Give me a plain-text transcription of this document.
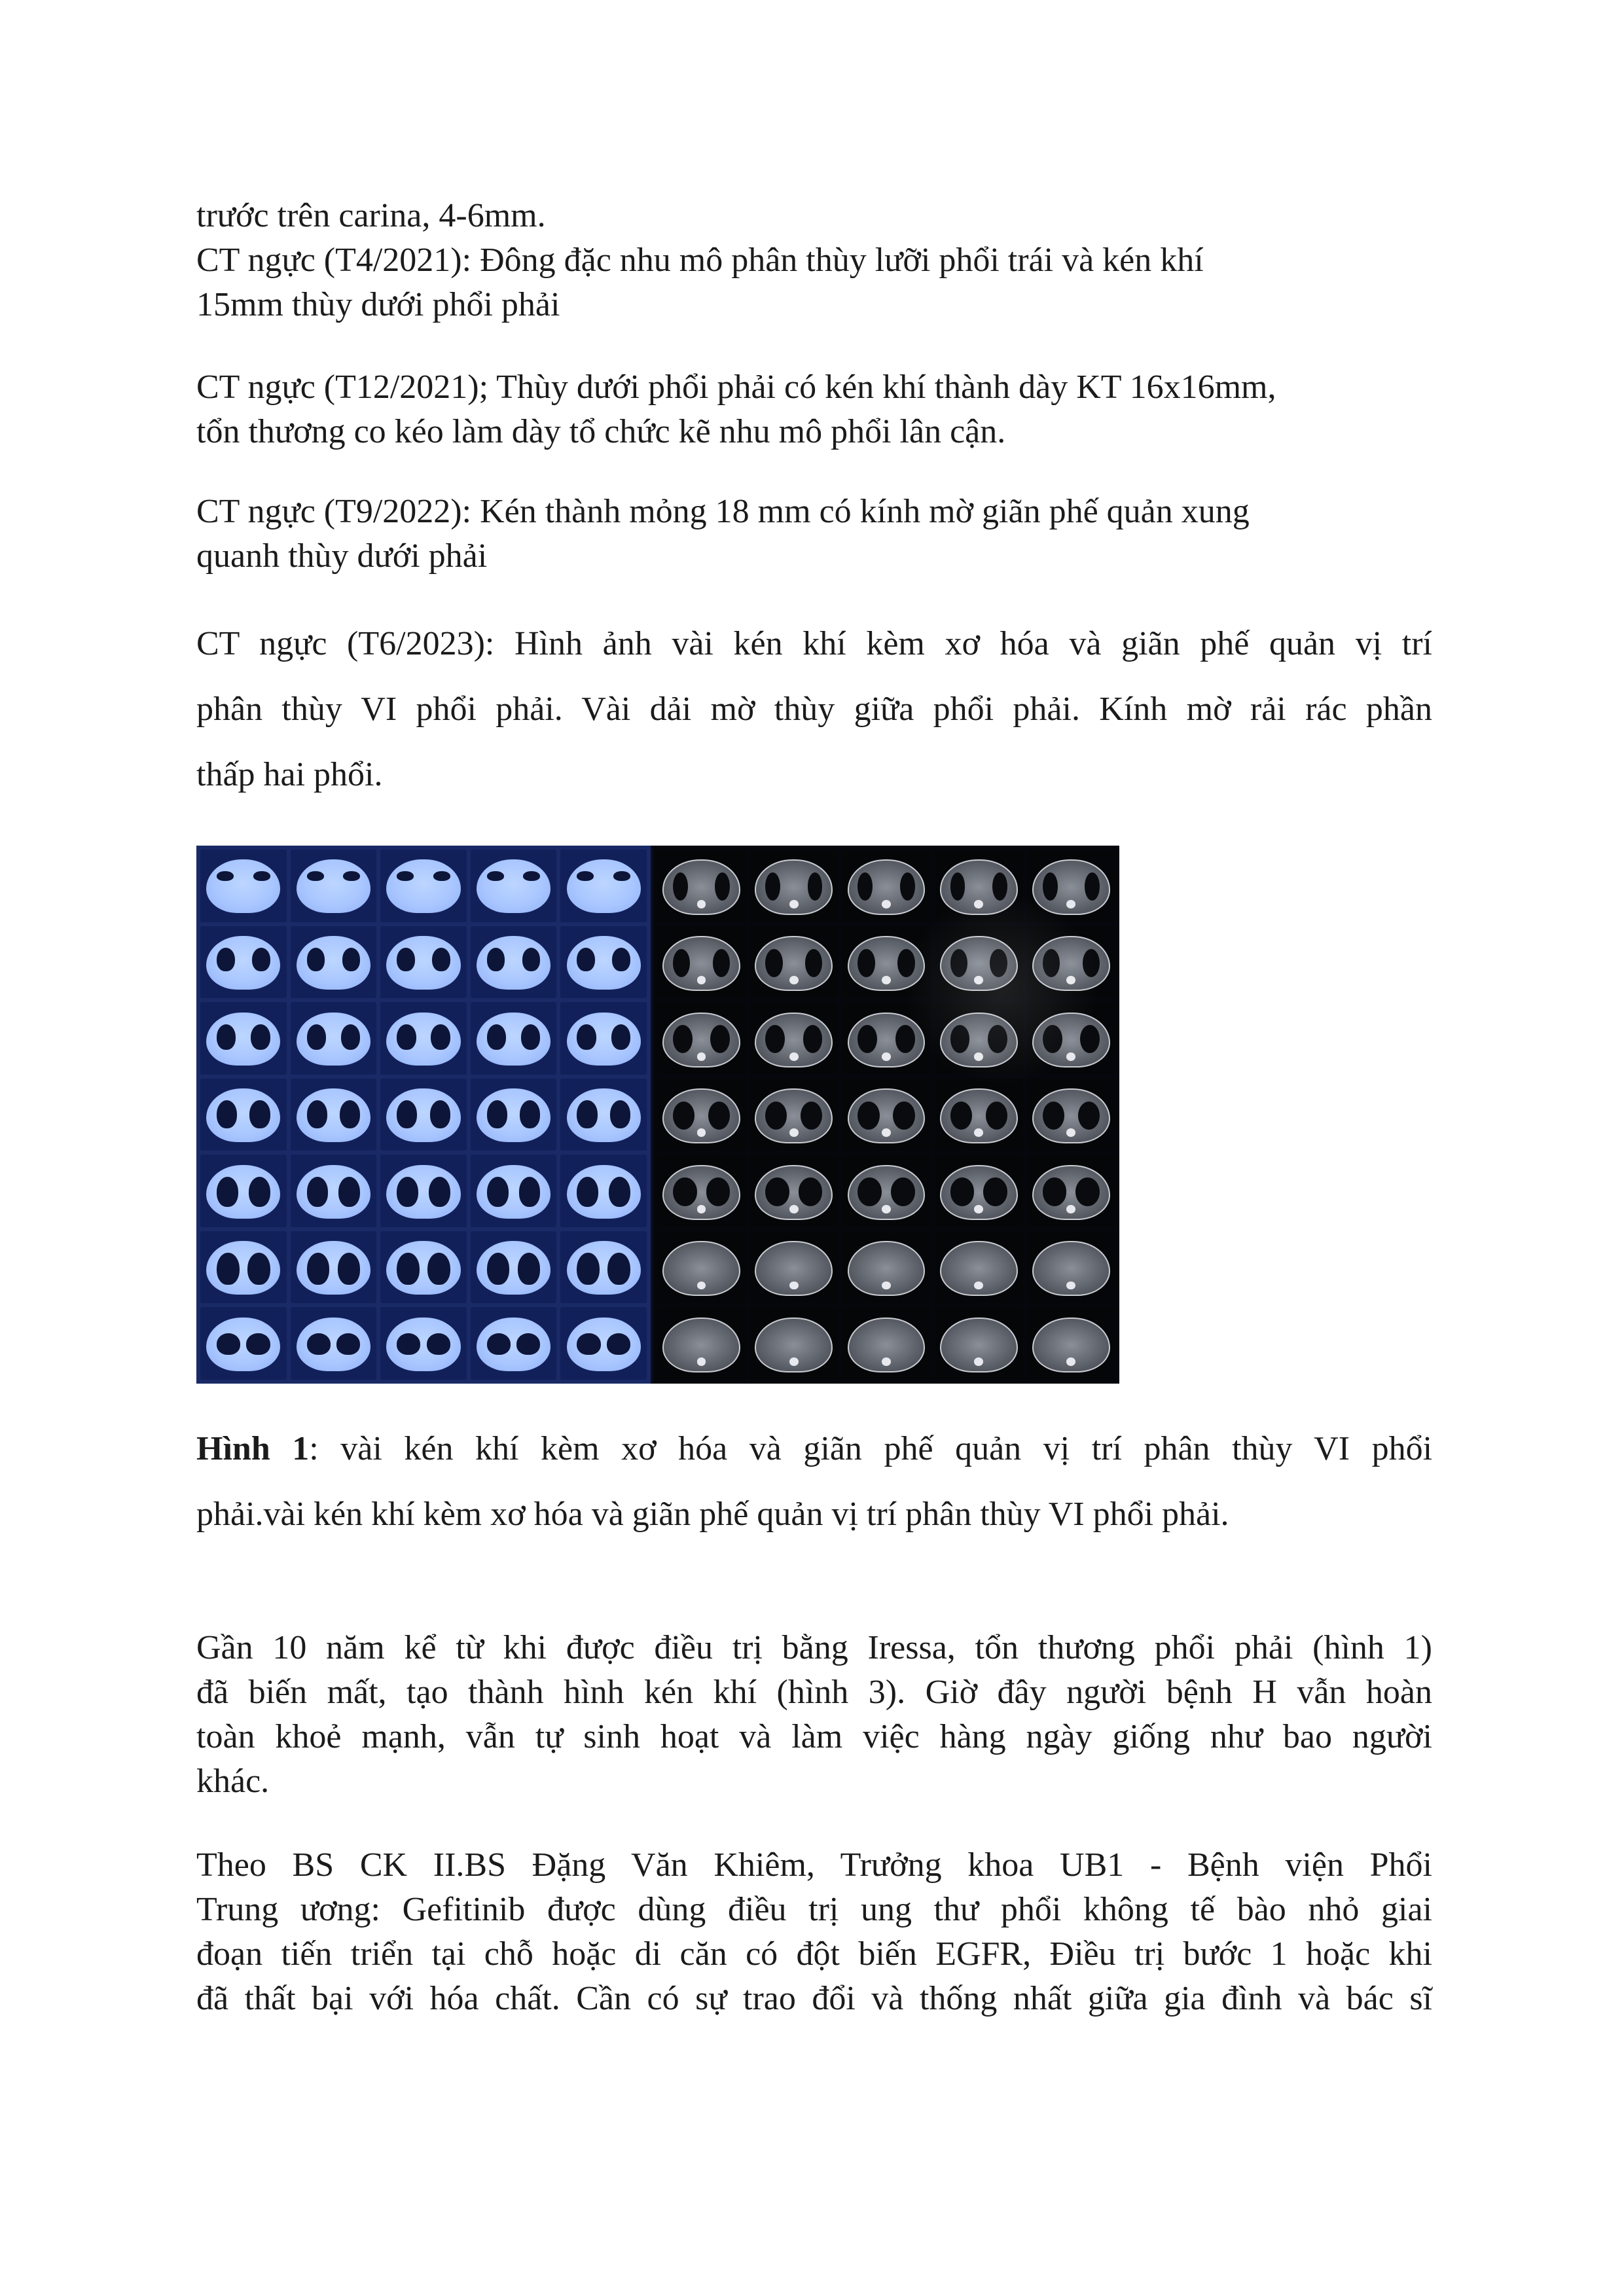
trước trên carina, 4-6mm.
CT ngực (T4/2021): Đông đặc nhu mô phân thùy lưỡi phổi trái và kén khí
15mm thùy dưới phổi phải
CT ngực (T12/2021); Thùy dưới phổi phải có kén khí thành dày KT 16x16mm,
tổn thương co kéo làm dày tổ chức kẽ nhu mô phổi lân cận.
CT ngực (T9/2022): Kén thành mỏng 18 mm có kính mờ giãn phế quản xung
quanh thùy dưới phải
CT ngực (T6/2023): Hình ảnh vài kén khí kèm xơ hóa và giãn phế quản vị trí
phân thùy VI phổi phải. Vài dải mờ thùy giữa phổi phải. Kính mờ rải rác phần
thấp hai phổi.
Hình 1: vài kén khí kèm xơ hóa và giãn phế quản vị trí phân thùy VI phổi
phải.vài kén khí kèm xơ hóa và giãn phế quản vị trí phân thùy VI phổi phải.
Gần 10 năm kể từ khi được điều trị bằng Iressa, tổn thương phổi phải (hình 1)
đã biến mất, tạo thành hình kén khí (hình 3). Giờ đây người bệnh H vẫn hoàn
toàn khoẻ mạnh, vẫn tự sinh hoạt và làm việc hàng ngày giống như bao người
khác.
Theo BS CK II.BS Đặng Văn Khiêm, Trưởng khoa UB1 - Bệnh viện Phổi
Trung ương: Gefitinib được dùng điều trị ung thư phổi không tế bào nhỏ giai
đoạn tiến triển tại chỗ hoặc di căn có đột biến EGFR, Điều trị bước 1 hoặc khi
đã thất bại với hóa chất. Cần có sự trao đổi và thống nhất giữa gia đình và bác sĩ
